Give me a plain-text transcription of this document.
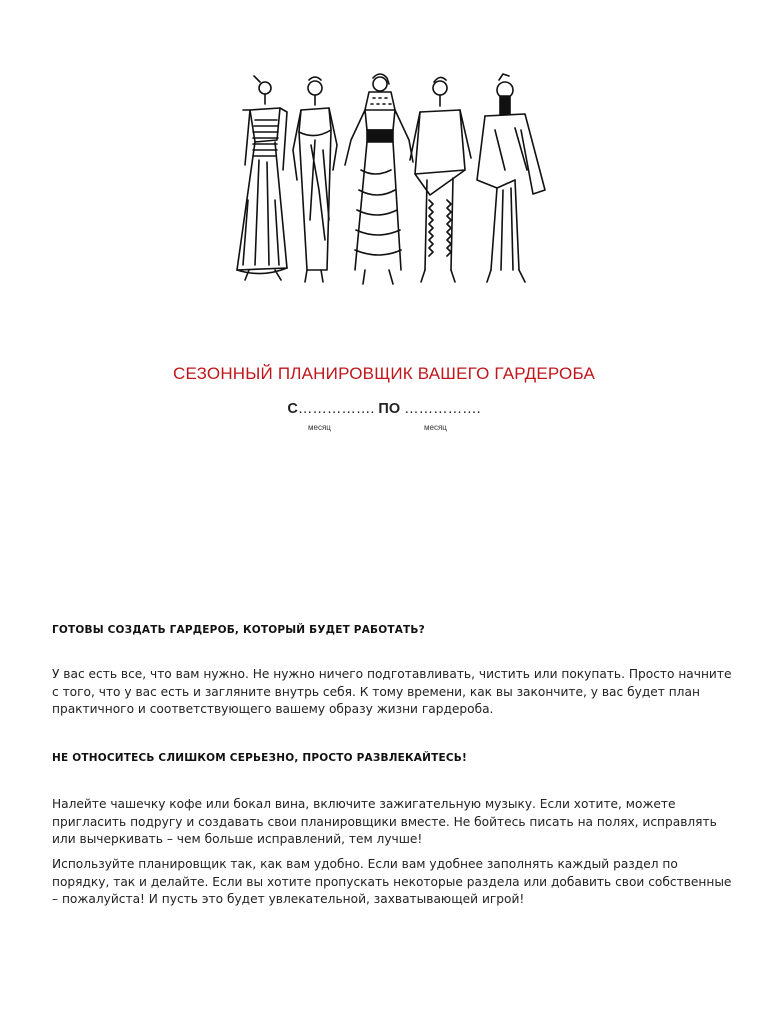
СЕЗОННЫЙ ПЛАНИРОВЩИК ВАШЕГО ГАРДЕРОБА
С……………. ПО …………….
месяц	месяц
ГОТОВЫ СОЗДАТЬ ГАРДЕРОБ, КОТОРЫЙ БУДЕТ РАБОТАТЬ?
У вас есть все, что вам нужно. Не нужно ничего подготавливать, чистить или покупать. Просто начните с того, что у вас есть и загляните внутрь себя. К тому времени, как вы закончите, у вас будет план практичного и соответствующего вашему образу жизни гардероба.
НЕ ОТНОСИТЕСЬ СЛИШКОМ СЕРЬЕЗНО, ПРОСТО РАЗВЛЕКАЙТЕСЬ!
Налейте чашечку кофе или бокал вина, включите зажигательную музыку. Если хотите, можете пригласить подругу и создавать свои планировщики вместе. Не бойтесь писать на полях, исправлять или вычеркивать – чем больше исправлений, тем лучше!
Используйте планировщик так, как вам удобно. Если вам удобнее заполнять каждый раздел по порядку, так и делайте. Если вы хотите пропускать некоторые раздела или добавить свои собственные – пожалуйста! И пусть это будет увлекательной, захватывающей игрой!
